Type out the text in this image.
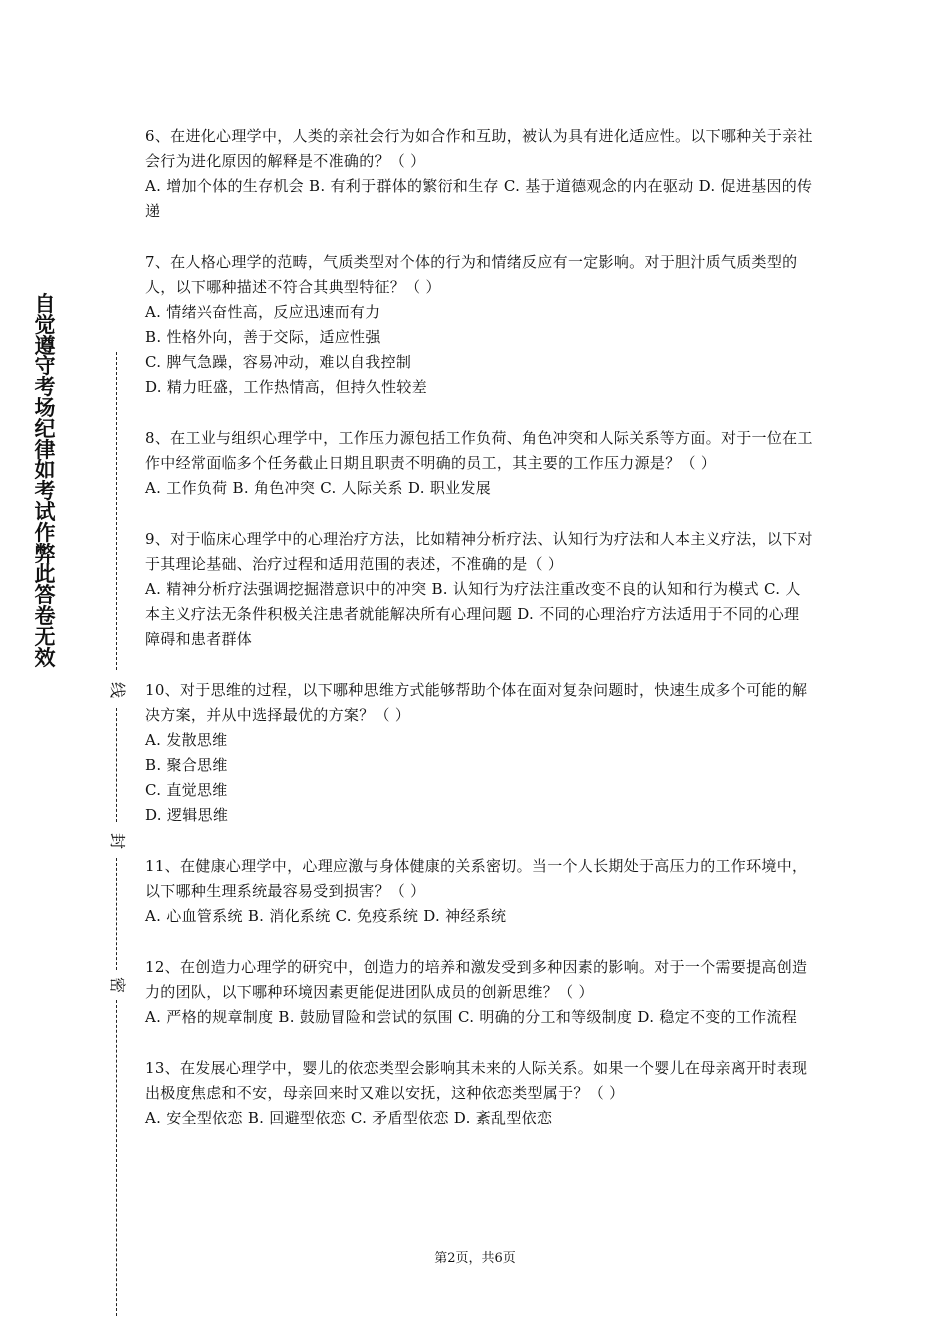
自觉遵守考场纪律如考试作弊此答卷无效
线
封
密

6、在进化心理学中，人类的亲社会行为如合作和互助，被认为具有进化适应性。以下哪种关于亲社会行为进化原因的解释是不准确的？（ ）

A. 增加个体的生存机会 B. 有利于群体的繁衍和生存 C. 基于道德观念的内在驱动 D. 促进基因的传递

7、在人格心理学的范畴，气质类型对个体的行为和情绪反应有一定影响。对于胆汁质气质类型的人，以下哪种描述不符合其典型特征？（ ）

A. 情绪兴奋性高，反应迅速而有力

B. 性格外向，善于交际，适应性强

C. 脾气急躁，容易冲动，难以自我控制

D. 精力旺盛，工作热情高，但持久性较差

8、在工业与组织心理学中，工作压力源包括工作负荷、角色冲突和人际关系等方面。对于一位在工作中经常面临多个任务截止日期且职责不明确的员工，其主要的工作压力源是？（ ）

A. 工作负荷 B. 角色冲突 C. 人际关系 D. 职业发展

9、对于临床心理学中的心理治疗方法，比如精神分析疗法、认知行为疗法和人本主义疗法，以下对于其理论基础、治疗过程和适用范围的表述，不准确的是（ ）

A. 精神分析疗法强调挖掘潜意识中的冲突 B. 认知行为疗法注重改变不良的认知和行为模式 C. 人本主义疗法无条件积极关注患者就能解决所有心理问题 D. 不同的心理治疗方法适用于不同的心理障碍和患者群体

10、对于思维的过程，以下哪种思维方式能够帮助个体在面对复杂问题时，快速生成多个可能的解决方案，并从中选择最优的方案？（ ）

A. 发散思维

B. 聚合思维

C. 直觉思维

D. 逻辑思维

11、在健康心理学中，心理应激与身体健康的关系密切。当一个人长期处于高压力的工作环境中，以下哪种生理系统最容易受到损害？（ ）

A. 心血管系统 B. 消化系统 C. 免疫系统 D. 神经系统

12、在创造力心理学的研究中，创造力的培养和激发受到多种因素的影响。对于一个需要提高创造力的团队，以下哪种环境因素更能促进团队成员的创新思维？（ ）

A. 严格的规章制度 B. 鼓励冒险和尝试的氛围 C. 明确的分工和等级制度 D. 稳定不变的工作流程

13、在发展心理学中，婴儿的依恋类型会影响其未来的人际关系。如果一个婴儿在母亲离开时表现出极度焦虑和不安，母亲回来时又难以安抚，这种依恋类型属于？（ ）

A. 安全型依恋 B. 回避型依恋 C. 矛盾型依恋 D. 紊乱型依恋

第2页，共6页
